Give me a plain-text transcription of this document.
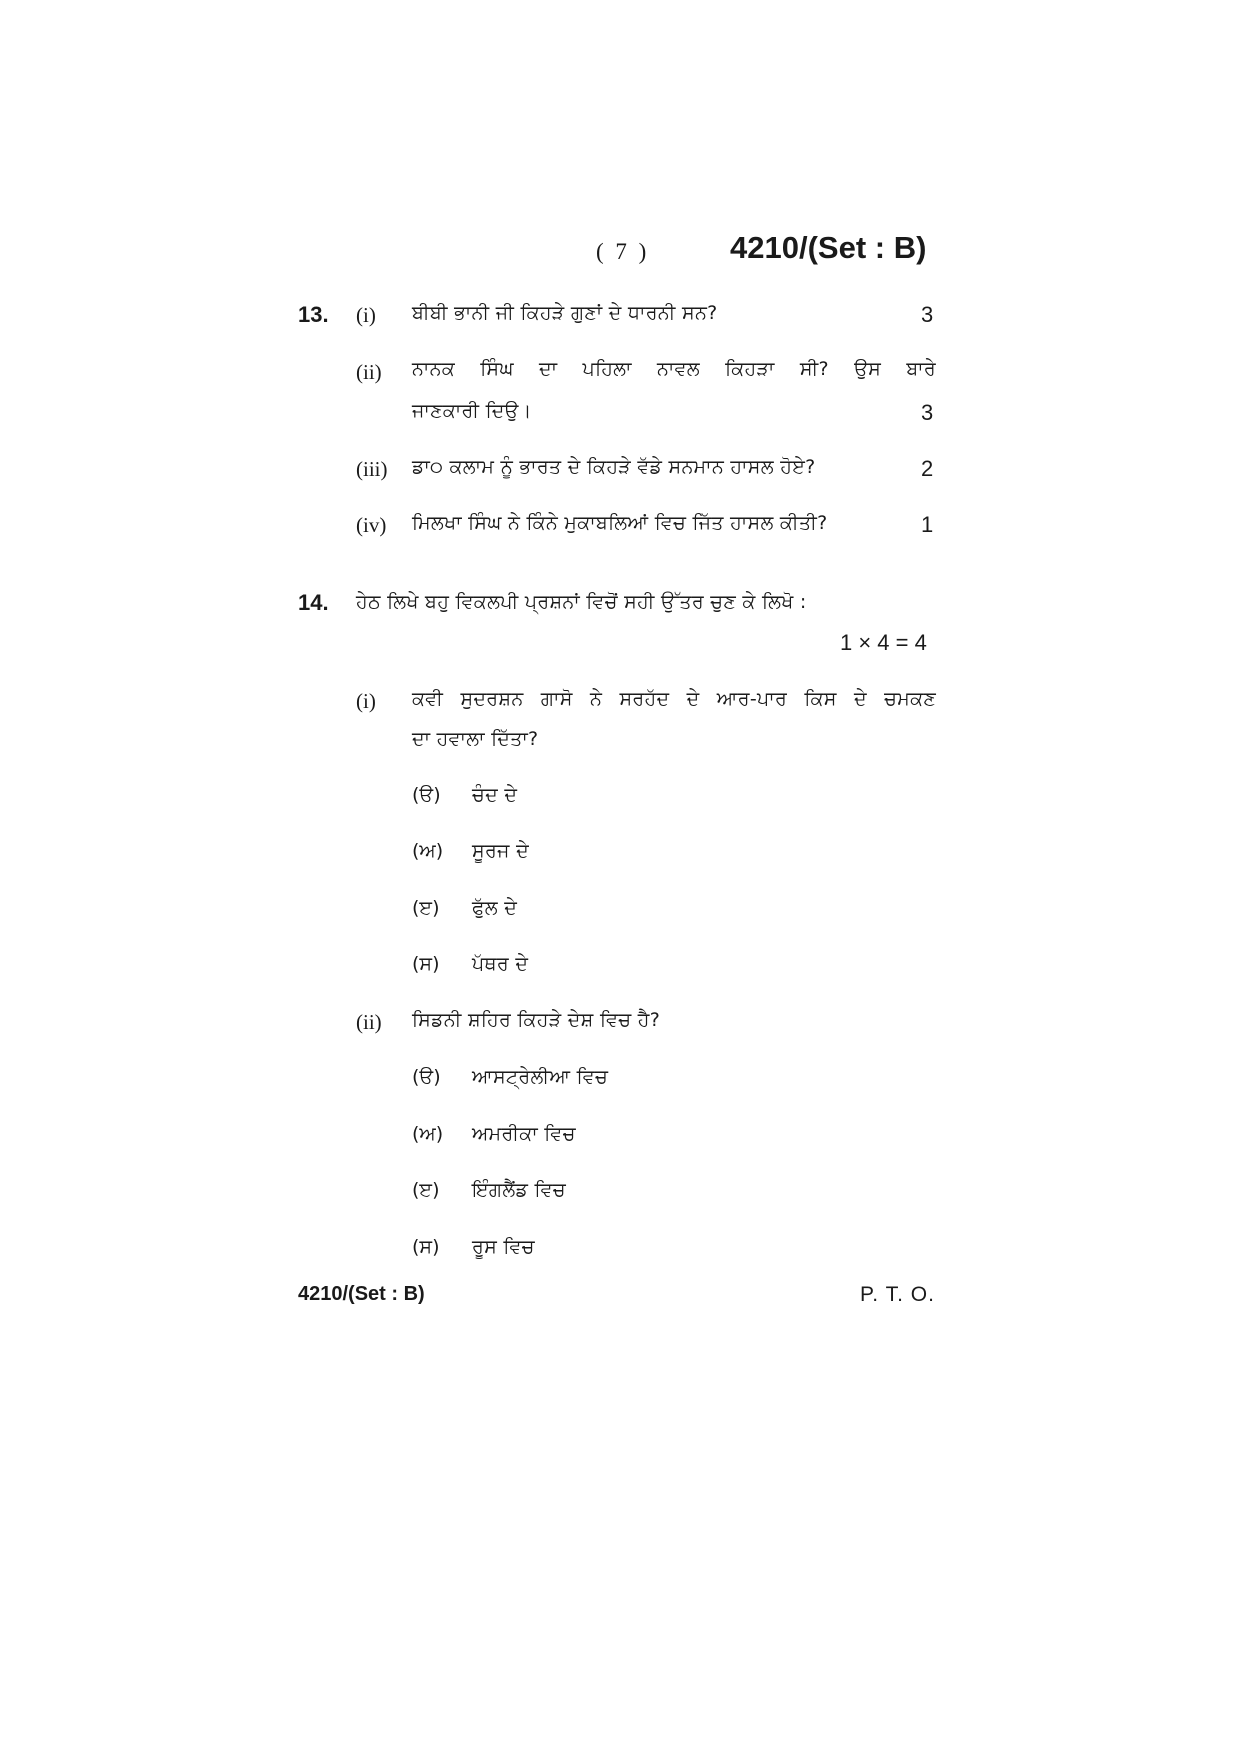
( 7 )	4210/(Set : B)
13. (i) ਬੀਬੀ ਭਾਨੀ ਜੀ ਕਿਹੜੇ ਗੁਣਾਂ ਦੇ ਧਾਰਨੀ ਸਨ?	3
(ii) ਨਾਨਕ ਸਿੰਘ ਦਾ ਪਹਿਲਾ ਨਾਵਲ ਕਿਹੜਾ ਸੀ? ਉਸ ਬਾਰੇ
ਜਾਣਕਾਰੀ ਦਿਉ।	3
(iii) ਡਾ੦ ਕਲਾਮ ਨੂੰ ਭਾਰਤ ਦੇ ਕਿਹੜੇ ਵੱਡੇ ਸਨਮਾਨ ਹਾਸਲ ਹੋਏ?	2
(iv) ਮਿਲਖਾ ਸਿੰਘ ਨੇ ਕਿੰਨੇ ਮੁਕਾਬਲਿਆਂ ਵਿਚ ਜਿੱਤ ਹਾਸਲ ਕੀਤੀ?	1
14. ਹੇਠ ਲਿਖੇ ਬਹੁ ਵਿਕਲਪੀ ਪ੍ਰਸ਼ਨਾਂ ਵਿਚੋਂ ਸਹੀ ਉੱਤਰ ਚੁਣ ਕੇ ਲਿਖੋ :
1 × 4 = 4
(i) ਕਵੀ ਸੁਦਰਸ਼ਨ ਗਾਸੋ ਨੇ ਸਰਹੱਦ ਦੇ ਆਰ-ਪਾਰ ਕਿਸ ਦੇ ਚਮਕਣ
ਦਾ ਹਵਾਲਾ ਦਿੱਤਾ?
(ੳ) ਚੰਦ ਦੇ
(ਅ) ਸੂਰਜ ਦੇ
(ੲ) ਫੁੱਲ ਦੇ
(ਸ) ਪੱਥਰ ਦੇ
(ii) ਸਿਡਨੀ ਸ਼ਹਿਰ ਕਿਹੜੇ ਦੇਸ਼ ਵਿਚ ਹੈ?
(ੳ) ਆਸਟ੍ਰੇਲੀਆ ਵਿਚ
(ਅ) ਅਮਰੀਕਾ ਵਿਚ
(ੲ) ਇੰਗਲੈਂਡ ਵਿਚ
(ਸ) ਰੂਸ ਵਿਚ
4210/(Set : B)	P. T. O.
